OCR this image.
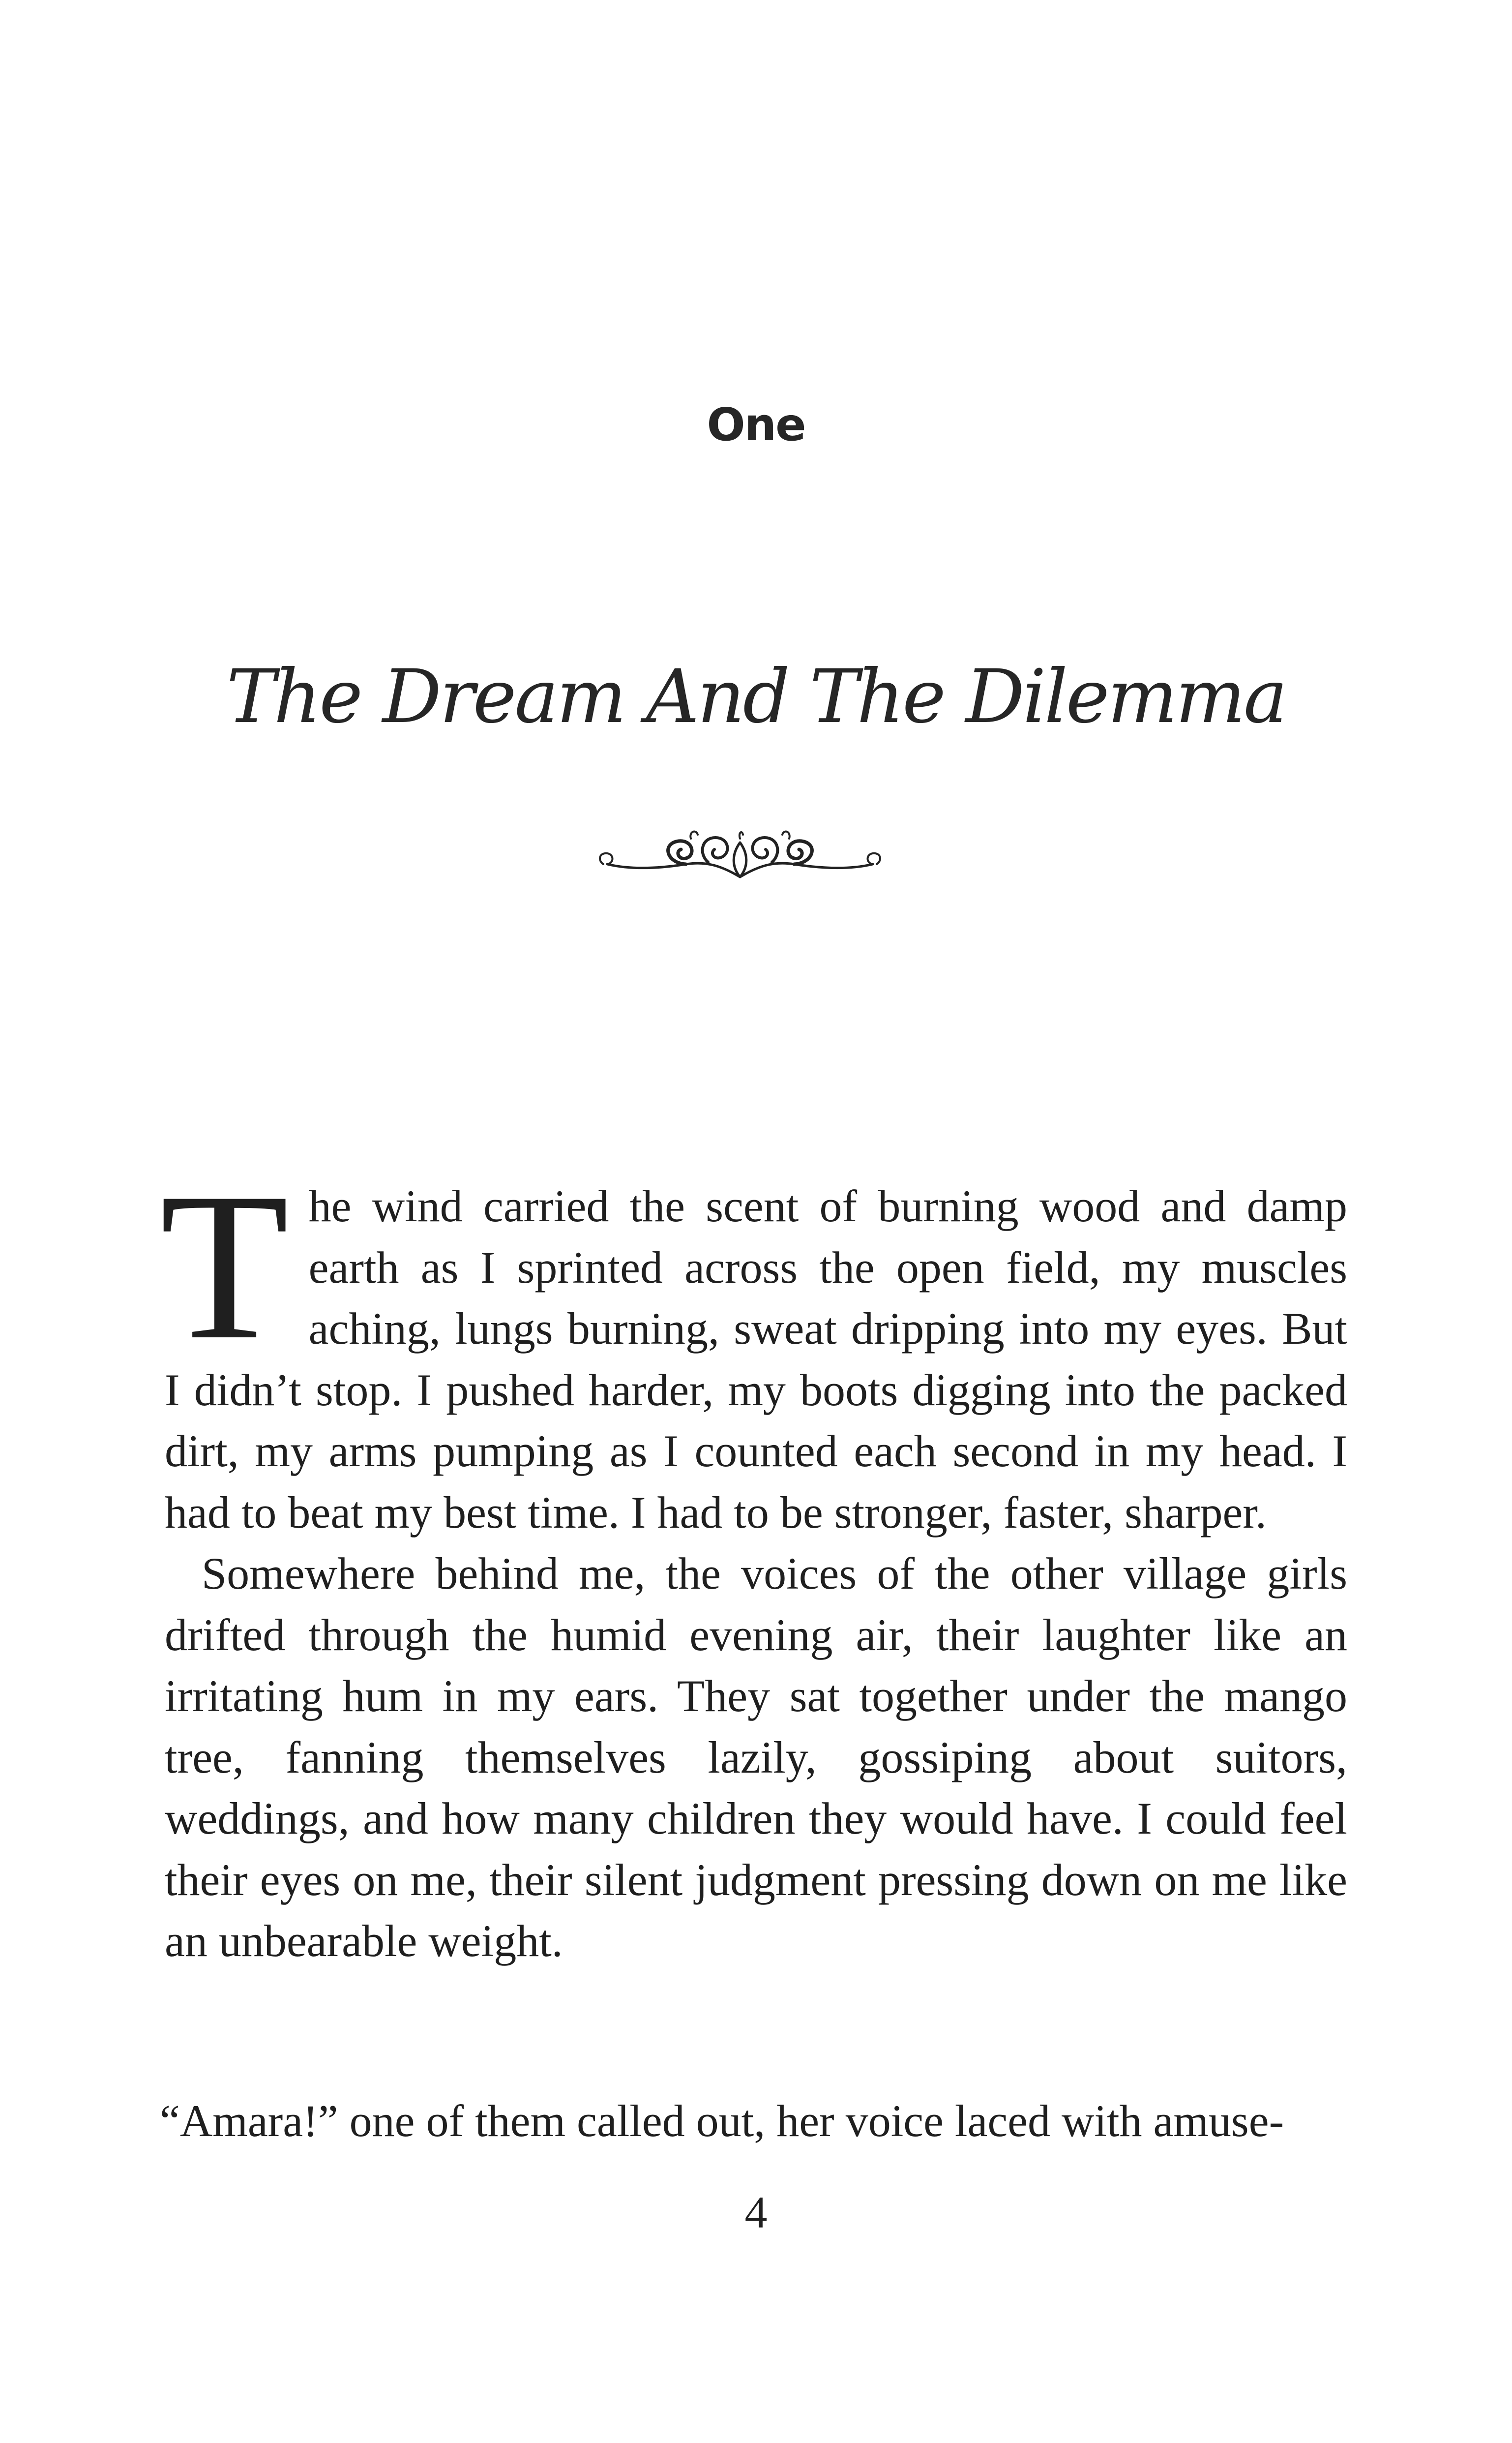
One
The Dream And The Dilemma

The wind carried the scent of burning wood and damp earth as I sprinted across the open field, my muscles aching, lungs burning, sweat dripping into my eyes. But I didn’t stop. I pushed harder, my boots digging into the packed dirt, my arms pumping as I counted each second in my head. I had to beat my best time. I had to be stronger, faster, sharper.

Somewhere behind me, the voices of the other village girls drifted through the humid evening air, their laughter like an irritating hum in my ears. They sat together under the mango tree, fanning themselves lazily, gossiping about suitors, weddings, and how many children they would have. I could feel their eyes on me, their silent judgment pressing down on me like an unbearable weight.

“Amara!” one of them called out, her voice laced with amuse-

4
